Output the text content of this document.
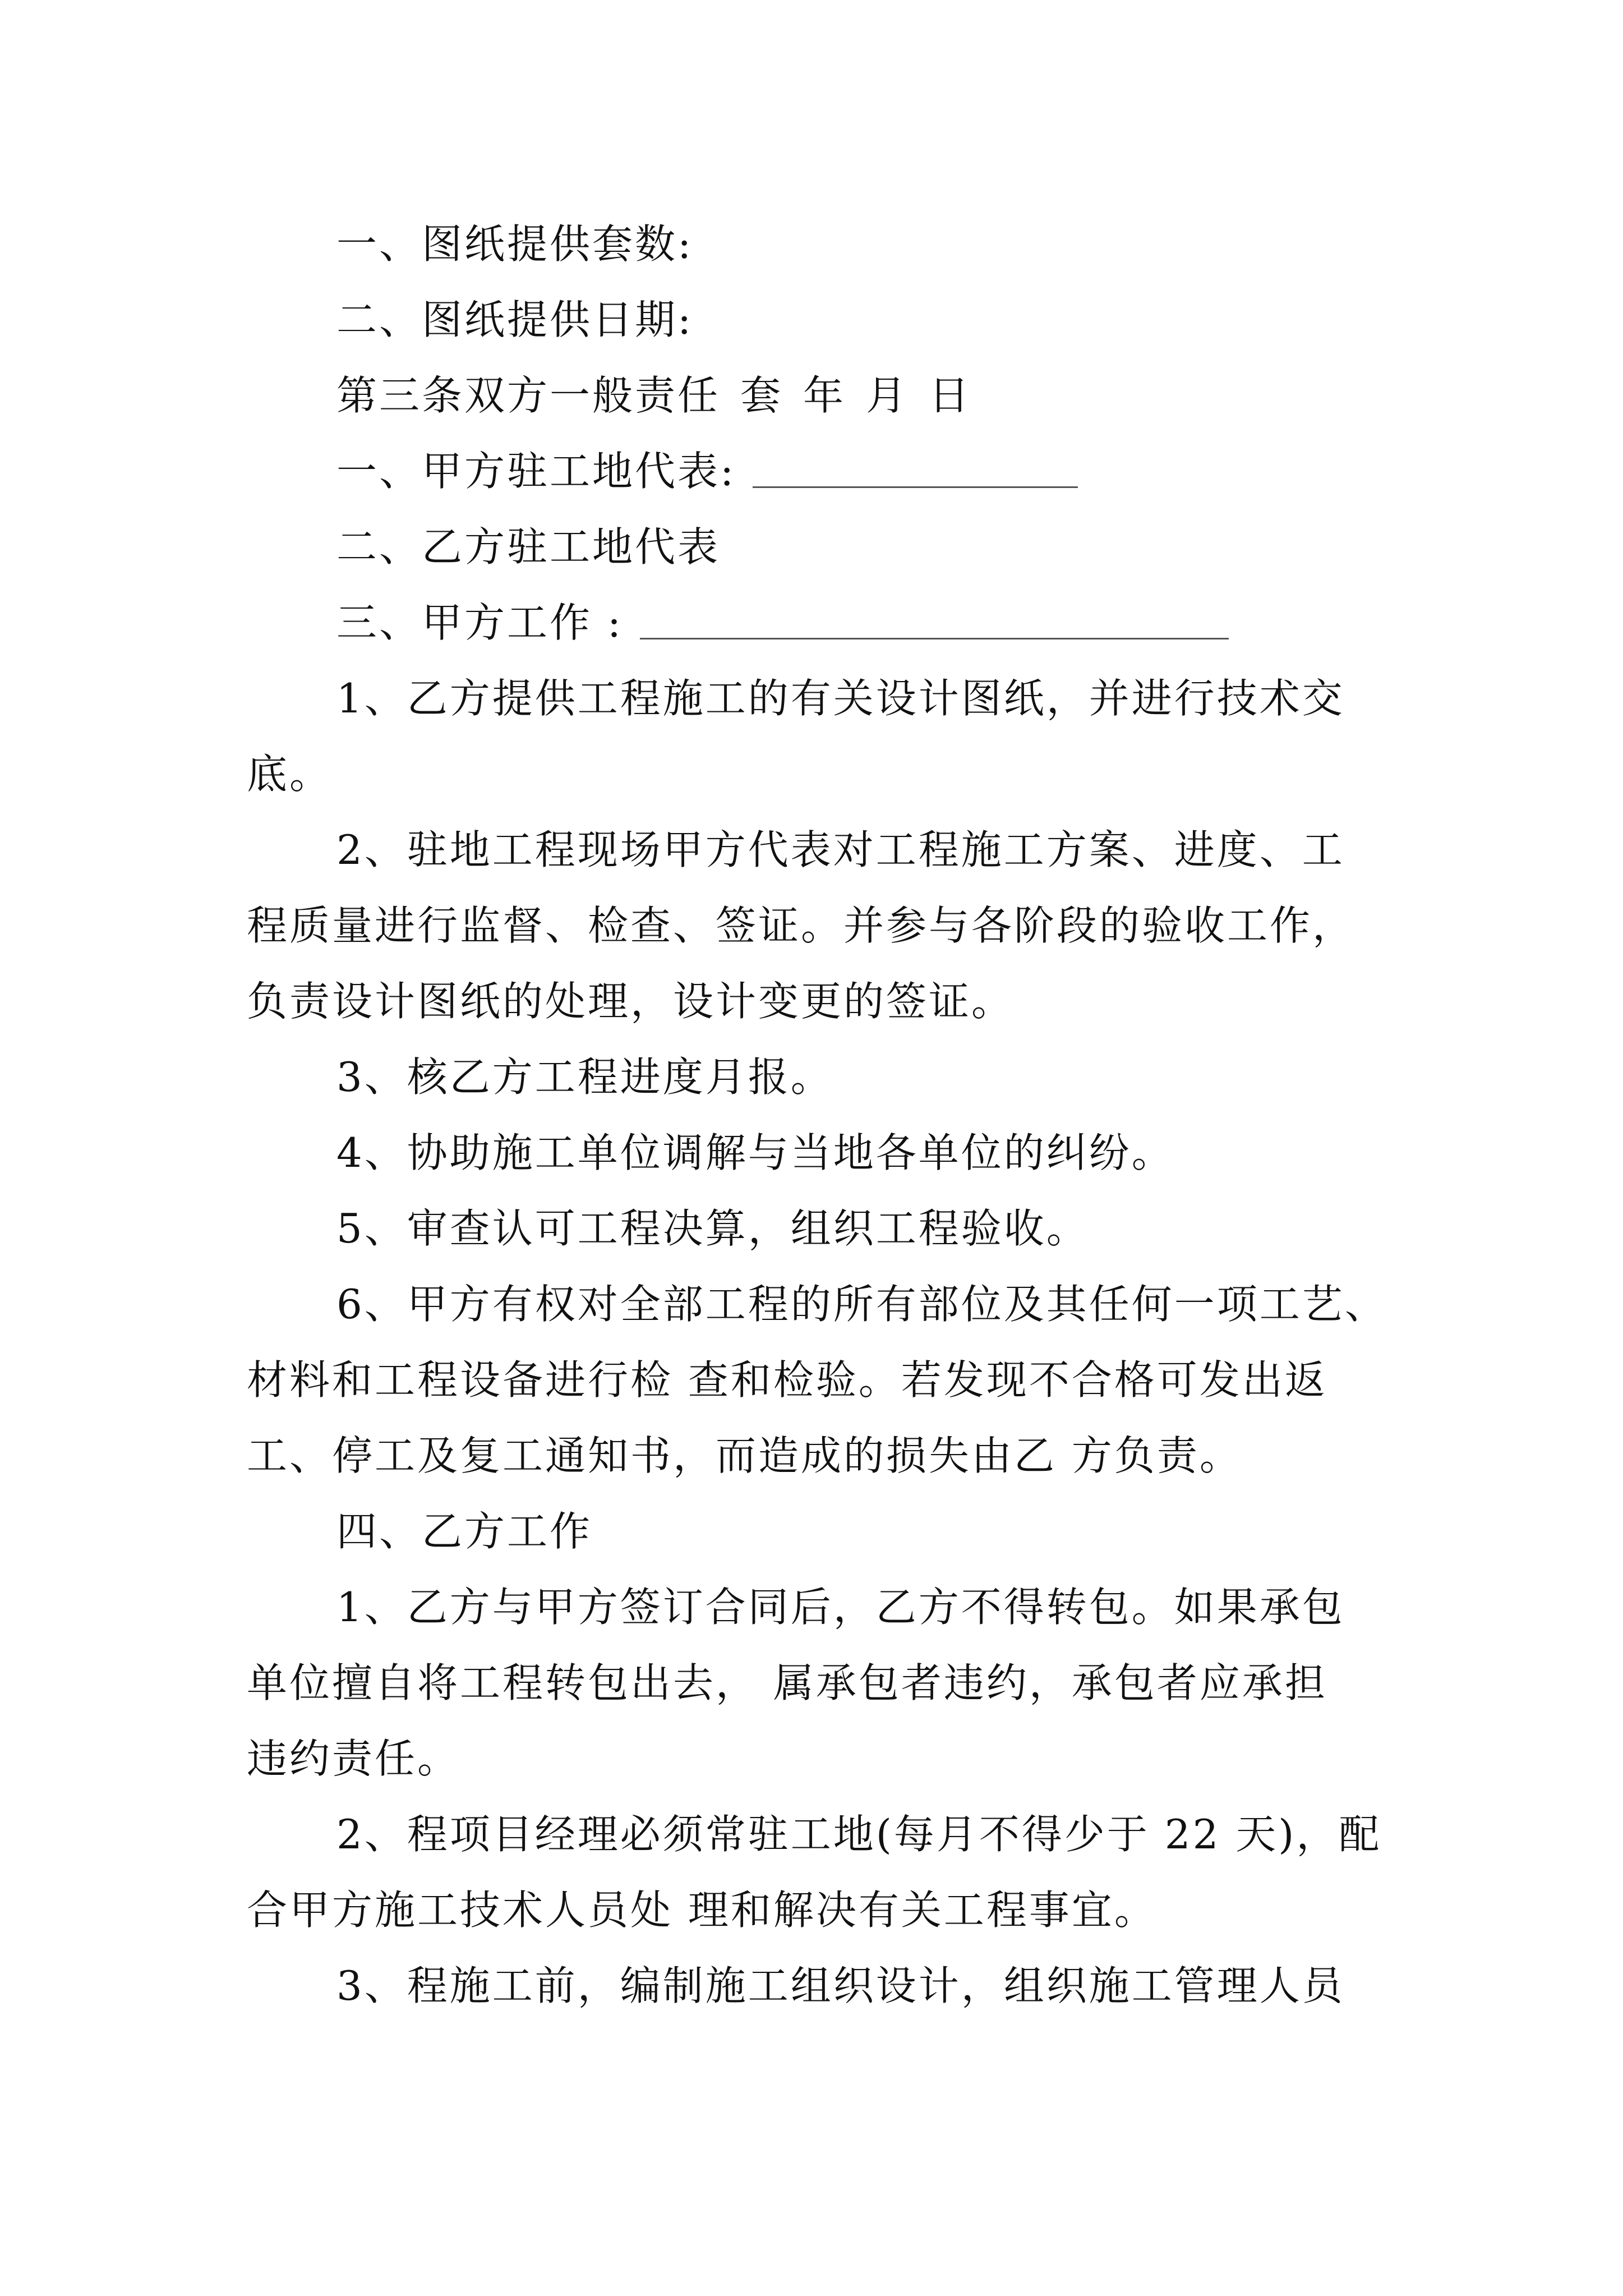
一、图纸提供套数:
二、图纸提供日期:
第三条双方一般责任 套 年 月 日
一、甲方驻工地代表:
二、乙方驻工地代表
三、甲方工作 :
1、乙方提供工程施工的有关设计图纸，并进行技术交
底。
2、驻地工程现场甲方代表对工程施工方案、进度、工
程质量进行监督、检查、签证。并参与各阶段的验收工作，
负责设计图纸的处理，设计变更的签证。
3、核乙方工程进度月报。
4、协助施工单位调解与当地各单位的纠纷。
5、审查认可工程决算，组织工程验收。
6、甲方有权对全部工程的所有部位及其任何一项工艺、
材料和工程设备进行检 查和检验。若发现不合格可发出返
工、停工及复工通知书，而造成的损失由乙 方负责。
四、乙方工作
1、乙方与甲方签订合同后，乙方不得转包。如果承包
单位擅自将工程转包出去， 属承包者违约，承包者应承担
违约责任。
2、程项目经理必须常驻工地(每月不得少于 22 天)，配
合甲方施工技术人员处 理和解决有关工程事宜。
3、程施工前，编制施工组织设计，组织施工管理人员
